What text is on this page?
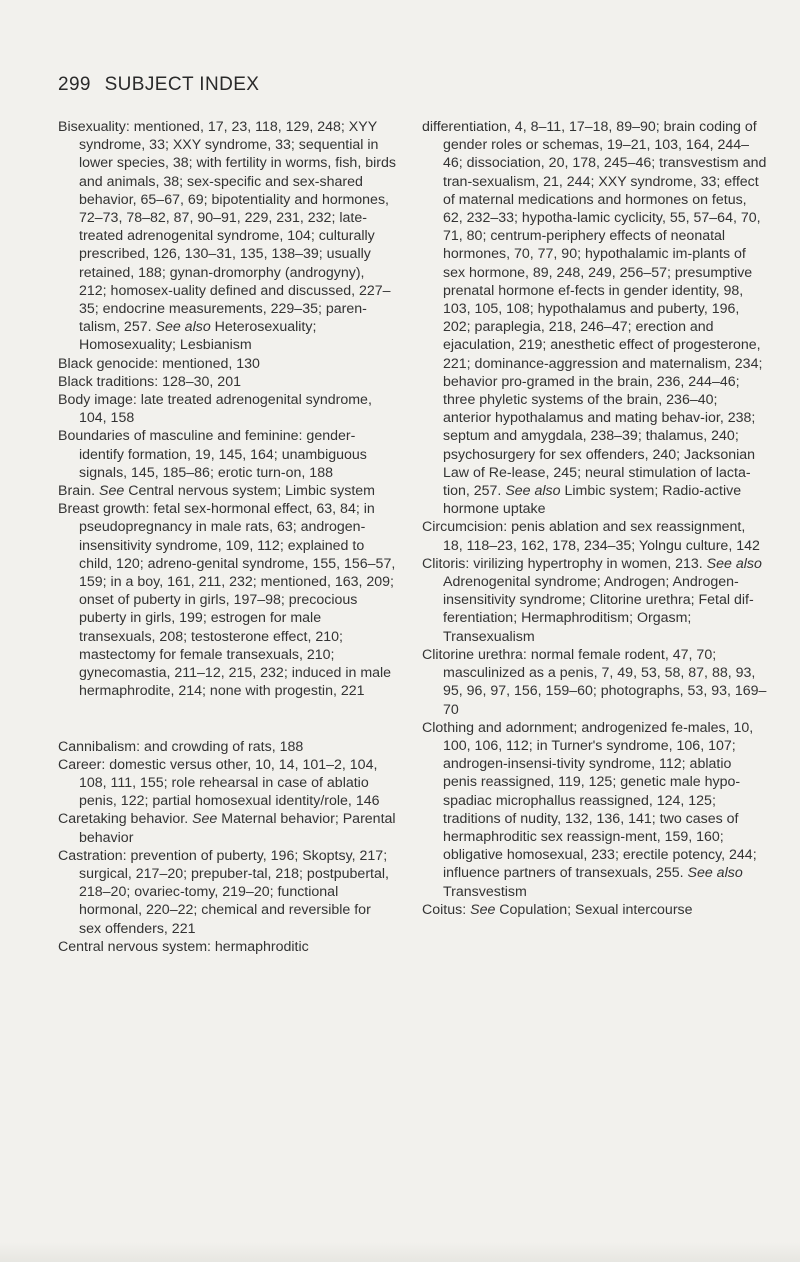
299 SUBJECT INDEX

Bisexuality: mentioned, 17, 23, 118, 129, 248; XYY syndrome, 33; XXY syndrome, 33; sequential in lower species, 38; with fertility in worms, fish, birds and animals, 38; sex-specific and sex-shared behavior, 65–67, 69; bipotentiality and hormones, 72–73, 78–82, 87, 90–91, 229, 231, 232; late-treated adrenogenital syndrome, 104; culturally prescribed, 126, 130–31, 135, 138–39; usually retained, 188; gynan-dromorphy (androgyny), 212; homosex-uality defined and discussed, 227–35; endocrine measurements, 229–35; paren-talism, 257. See also Heterosexuality; Homosexuality; Lesbianism

Black genocide: mentioned, 130

Black traditions: 128–30, 201

Body image: late treated adrenogenital syndrome, 104, 158

Boundaries of masculine and feminine: gender-identify formation, 19, 145, 164; unambiguous signals, 145, 185–86; erotic turn-on, 188

Brain. See Central nervous system; Limbic system

Breast growth: fetal sex-hormonal effect, 63, 84; in pseudopregnancy in male rats, 63; androgen-insensitivity syndrome, 109, 112; explained to child, 120; adreno-genital syndrome, 155, 156–57, 159; in a boy, 161, 211, 232; mentioned, 163, 209; onset of puberty in girls, 197–98; precocious puberty in girls, 199; estrogen for male transexuals, 208; testosterone effect, 210; mastectomy for female transexuals, 210; gynecomastia, 211–12, 215, 232; induced in male hermaphrodite, 214; none with progestin, 221

Cannibalism: and crowding of rats, 188

Career: domestic versus other, 10, 14, 101–2, 104, 108, 111, 155; role rehearsal in case of ablatio penis, 122; partial homosexual identity/role, 146

Caretaking behavior. See Maternal behavior; Parental behavior

Castration: prevention of puberty, 196; Skoptsy, 217; surgical, 217–20; prepuber-tal, 218; postpubertal, 218–20; ovariec-tomy, 219–20; functional hormonal, 220–22; chemical and reversible for sex offenders, 221

Central nervous system: hermaphroditic

differentiation, 4, 8–11, 17–18, 89–90; brain coding of gender roles or schemas, 19–21, 103, 164, 244–46; dissociation, 20, 178, 245–46; transvestism and tran-sexualism, 21, 244; XXY syndrome, 33; effect of maternal medications and hormones on fetus, 62, 232–33; hypotha-lamic cyclicity, 55, 57–64, 70, 71, 80; centrum-periphery effects of neonatal hormones, 70, 77, 90; hypothalamic im-plants of sex hormone, 89, 248, 249, 256–57; presumptive prenatal hormone ef-fects in gender identity, 98, 103, 105, 108; hypothalamus and puberty, 196, 202; paraplegia, 218, 246–47; erection and ejaculation, 219; anesthetic effect of progesterone, 221; dominance-aggression and maternalism, 234; behavior pro-gramed in the brain, 236, 244–46; three phyletic systems of the brain, 236–40; anterior hypothalamus and mating behav-ior, 238; septum and amygdala, 238–39; thalamus, 240; psychosurgery for sex offenders, 240; Jacksonian Law of Re-lease, 245; neural stimulation of lacta-tion, 257. See also Limbic system; Radio-active hormone uptake

Circumcision: penis ablation and sex reassignment, 18, 118–23, 162, 178, 234–35; Yolngu culture, 142

Clitoris: virilizing hypertrophy in women, 213. See also Adrenogenital syndrome; Androgen; Androgen-insensitivity syndrome; Clitorine urethra; Fetal dif-ferentiation; Hermaphroditism; Orgasm; Transexualism

Clitorine urethra: normal female rodent, 47, 70; masculinized as a penis, 7, 49, 53, 58, 87, 88, 93, 95, 96, 97, 156, 159–60; photographs, 53, 93, 169–70

Clothing and adornment; androgenized fe-males, 10, 100, 106, 112; in Turner's syndrome, 106, 107; androgen-insensi-tivity syndrome, 112; ablatio penis reassigned, 119, 125; genetic male hypo-spadiac microphallus reassigned, 124, 125; traditions of nudity, 132, 136, 141; two cases of hermaphroditic sex reassign-ment, 159, 160; obligative homosexual, 233; erectile potency, 244; influence partners of transexuals, 255. See also Transvestism

Coitus: See Copulation; Sexual intercourse
